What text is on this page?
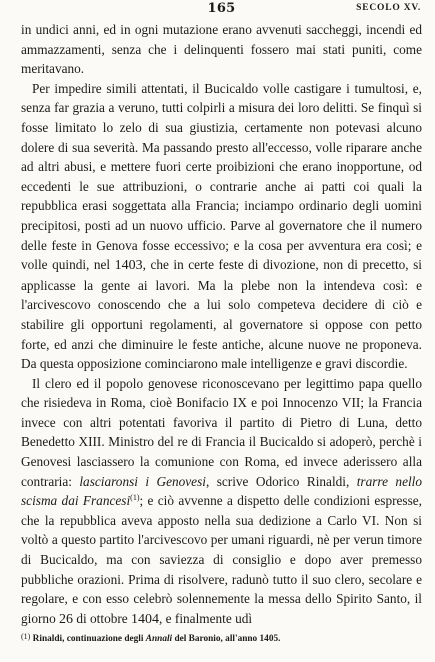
165	SECOLO XV.

in undici anni, ed in ogni mutazione erano avvenuti saccheggi, incendi ed ammazzamenti, senza che i delinquenti fossero mai stati puniti, come meritavano.

Per impedire simili attentati, il Bucicaldo volle castigare i tumultosi, e, senza far grazia a veruno, tutti colpirli a misura dei loro delitti. Se finquì si fosse limitato lo zelo di sua giustizia, certamente non potevasi alcuno dolere di sua severità. Ma passando presto all'eccesso, volle riparare anche ad altri abusi, e mettere fuori certe proibizioni che erano inopportune, od eccedenti le sue attribuzioni, o contrarie anche ai patti coi quali la repubblica erasi soggettata alla Francia; inciampo ordinario degli uomini precipitosi, posti ad un nuovo ufficio. Parve al governatore che il numero delle feste in Genova fosse eccessivo; e la cosa per avventura era così; e volle quindi, nel 1403, che in certe feste di divozione, non di precetto, si applicasse la gente ai lavori. Ma la plebe non la intendeva così: e l'arcivescovo conoscendo che a lui solo competeva decidere di ciò e stabilire gli opportuni regolamenti, al governatore si oppose con petto forte, ed anzi che diminuire le feste antiche, alcune nuove ne proponeva. Da questa opposizione cominciarono male intelligenze e gravi discordie.

Il clero ed il popolo genovese riconoscevano per legittimo papa quello che risiedeva in Roma, cioè Bonifacio IX e poi Innocenzo VII; la Francia invece con altri potentati favoriva il partito di Pietro di Luna, detto Benedetto XIII. Ministro del re di Francia il Bucicaldo si adoperò, perchè i Genovesi lasciassero la comunione con Roma, ed invece aderissero alla contraria: lasciaronsi i Genovesi, scrive Odorico Rinaldi, trarre nello scisma dai Francesi$^{(1)}$; e ciò avvenne a dispetto delle condizioni espresse, che la repubblica aveva apposto nella sua dedizione a Carlo VI. Non si voltò a questo partito l'arcivescovo per umani riguardi, nè per verun timore di Bucicaldo, ma con saviezza di consiglio e dopo aver premesso pubbliche orazioni. Prima di risolvere, radunò tutto il suo clero, secolare e regolare, e con esso celebrò solennemente la messa dello Spirito Santo, il giorno 26 di ottobre 1404, e finalmente udì

(1) Rinaldi, continuazione degli Annali del Baronio, all'anno 1405.
